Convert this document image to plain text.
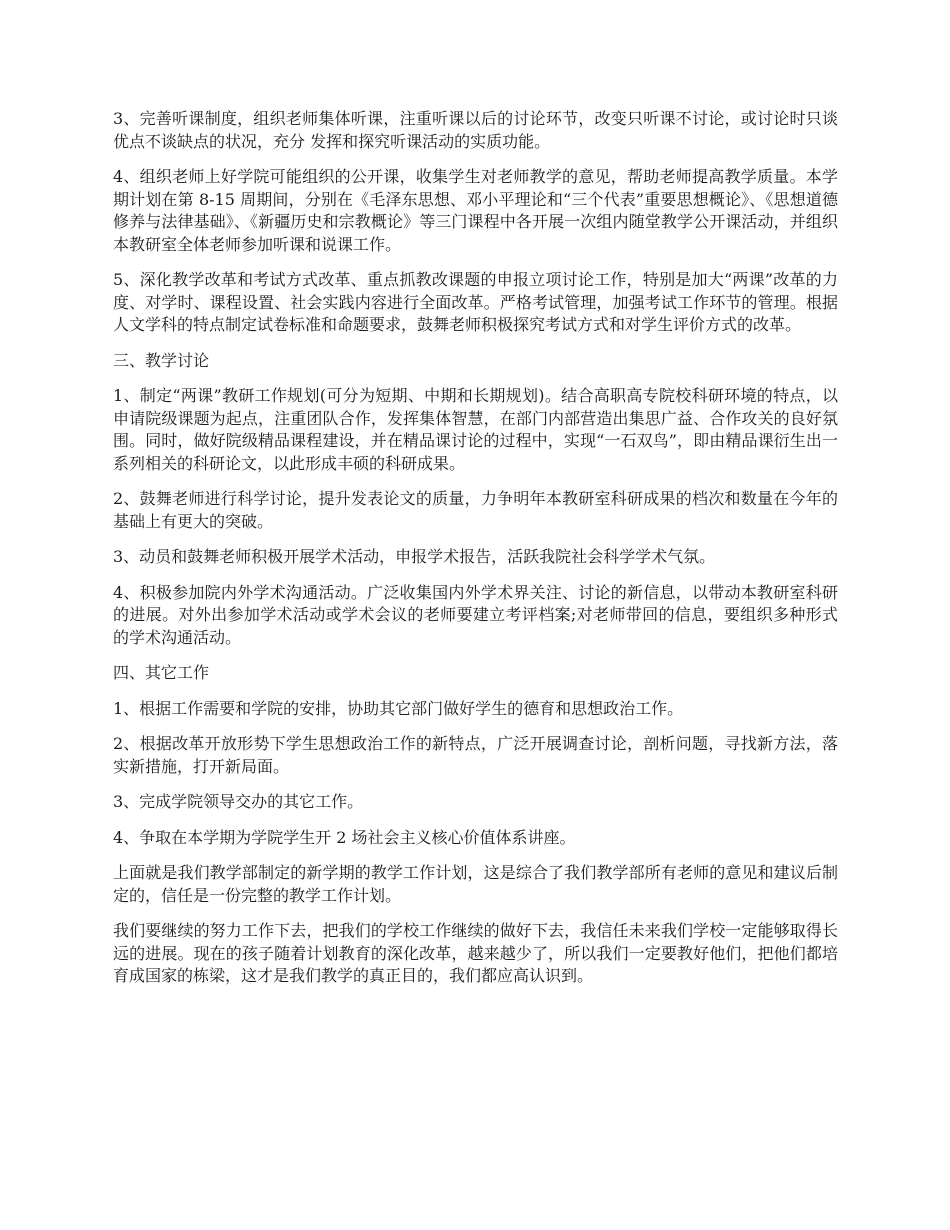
3、完善听课制度，组织老师集体听课，注重听课以后的讨论环节，改变只听课不讨论，或讨论时只谈优点不谈缺点的状况，充分 发挥和探究听课活动的实质功能。

4、组织老师上好学院可能组织的公开课，收集学生对老师教学的意见，帮助老师提高教学质量。本学期计划在第 8-15 周期间，分别在《毛泽东思想、邓小平理论和“三个代表”重要思想概论》、《思想道德修养与法律基础》、《新疆历史和宗教概论》等三门课程中各开展一次组内随堂教学公开课活动，并组织本教研室全体老师参加听课和说课工作。

5、深化教学改革和考试方式改革、重点抓教改课题的申报立项讨论工作，特别是加大“两课”改革的力度、对学时、课程设置、社会实践内容进行全面改革。严格考试管理，加强考试工作环节的管理。根据人文学科的特点制定试卷标准和命题要求，鼓舞老师积极探究考试方式和对学生评价方式的改革。

三、教学讨论

1、制定“两课”教研工作规划(可分为短期、中期和长期规划)。结合高职高专院校科研环境的特点，以申请院级课题为起点，注重团队合作，发挥集体智慧，在部门内部营造出集思广益、合作攻关的良好氛围。同时，做好院级精品课程建设，并在精品课讨论的过程中，实现“一石双鸟”，即由精品课衍生出一系列相关的科研论文，以此形成丰硕的科研成果。

2、鼓舞老师进行科学讨论，提升发表论文的质量，力争明年本教研室科研成果的档次和数量在今年的基础上有更大的突破。

3、动员和鼓舞老师积极开展学术活动，申报学术报告，活跃我院社会科学学术气氛。

4、积极参加院内外学术沟通活动。广泛收集国内外学术界关注、讨论的新信息，以带动本教研室科研的进展。对外出参加学术活动或学术会议的老师要建立考评档案;对老师带回的信息，要组织多种形式的学术沟通活动。

四、其它工作

1、根据工作需要和学院的安排，协助其它部门做好学生的德育和思想政治工作。

2、根据改革开放形势下学生思想政治工作的新特点，广泛开展调查讨论，剖析问题，寻找新方法，落实新措施，打开新局面。

3、完成学院领导交办的其它工作。

4、争取在本学期为学院学生开 2 场社会主义核心价值体系讲座。

上面就是我们教学部制定的新学期的教学工作计划，这是综合了我们教学部所有老师的意见和建议后制定的，信任是一份完整的教学工作计划。

我们要继续的努力工作下去，把我们的学校工作继续的做好下去，我信任未来我们学校一定能够取得长远的进展。现在的孩子随着计划教育的深化改革，越来越少了，所以我们一定要教好他们，把他们都培育成国家的栋梁，这才是我们教学的真正目的，我们都应高认识到。
